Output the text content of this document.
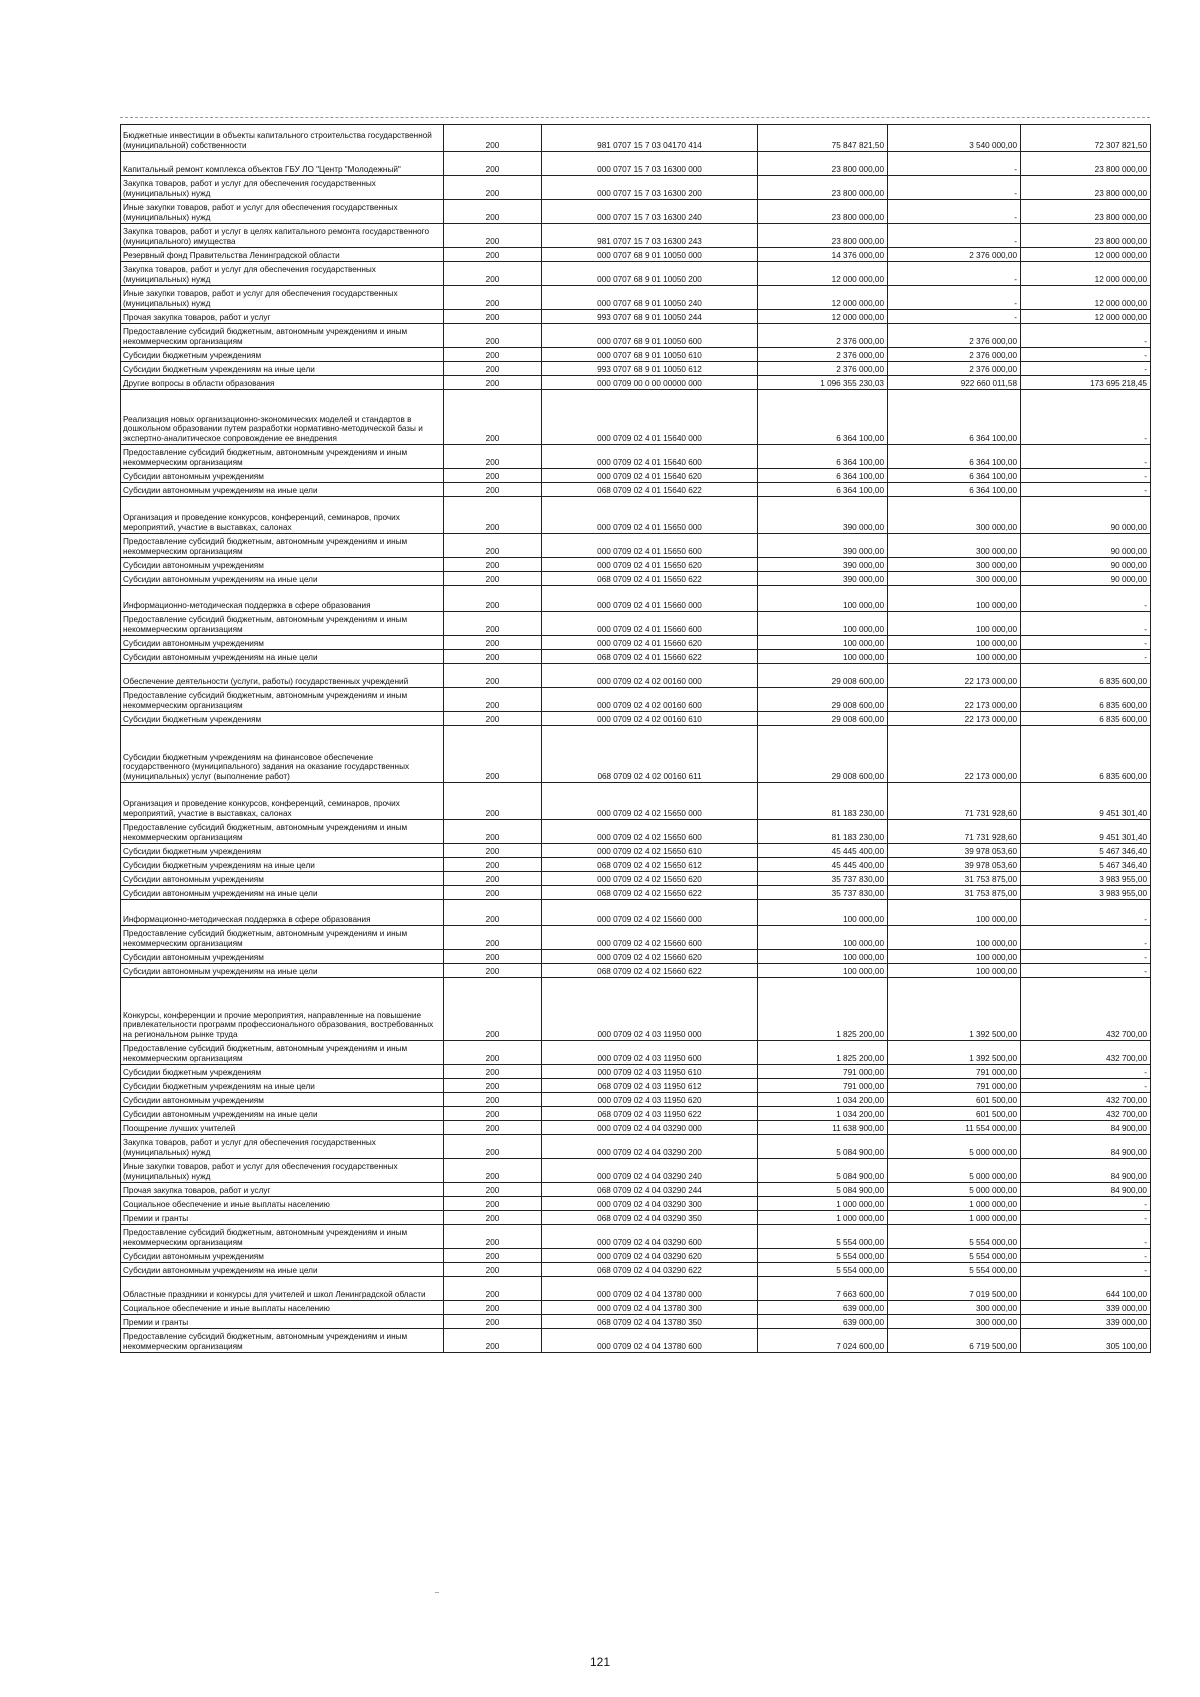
Бюджетные инвестиции в объекты капитального строительства государственной (муниципальной) собственности	200	981 0707 15 7 03 04170 414	75 847 821,50	3 540 000,00	72 307 821,50
Капитальный ремонт комплекса объектов ГБУ ЛО "Центр "Молодежный"	200	000 0707 15 7 03 16300 000	23 800 000,00	-	23 800 000,00
Закупка товаров, работ и услуг для обеспечения государственных (муниципальных) нужд	200	000 0707 15 7 03 16300 200	23 800 000,00	-	23 800 000,00
Иные закупки товаров, работ и услуг для обеспечения государственных (муниципальных) нужд	200	000 0707 15 7 03 16300 240	23 800 000,00	-	23 800 000,00
Закупка товаров, работ и услуг в целях капитального ремонта государственного (муниципального) имущества	200	981 0707 15 7 03 16300 243	23 800 000,00	-	23 800 000,00
Резервный фонд Правительства Ленинградской области	200	000 0707 68 9 01 10050 000	14 376 000,00	2 376 000,00	12 000 000,00
Закупка товаров, работ и услуг для обеспечения государственных (муниципальных) нужд	200	000 0707 68 9 01 10050 200	12 000 000,00	-	12 000 000,00
Иные закупки товаров, работ и услуг для обеспечения государственных (муниципальных) нужд	200	000 0707 68 9 01 10050 240	12 000 000,00	-	12 000 000,00
Прочая закупка товаров, работ и услуг	200	993 0707 68 9 01 10050 244	12 000 000,00	-	12 000 000,00
Предоставление субсидий бюджетным, автономным учреждениям и иным некоммерческим организациям	200	000 0707 68 9 01 10050 600	2 376 000,00	2 376 000,00	-
Субсидии бюджетным учреждениям	200	000 0707 68 9 01 10050 610	2 376 000,00	2 376 000,00	-
Субсидии бюджетным учреждениям на иные цели	200	993 0707 68 9 01 10050 612	2 376 000,00	2 376 000,00	-
Другие вопросы в области образования	200	000 0709 00 0 00 00000 000	1 096 355 230,03	922 660 011,58	173 695 218,45
Реализация новых организационно-экономических моделей и стандартов в дошкольном образовании путем разработки нормативно-методической базы и экспертно-аналитическое сопровождение ее внедрения	200	000 0709 02 4 01 15640 000	6 364 100,00	6 364 100,00	-
Предоставление субсидий бюджетным, автономным учреждениям и иным некоммерческим организациям	200	000 0709 02 4 01 15640 600	6 364 100,00	6 364 100,00	-
Субсидии автономным учреждениям	200	000 0709 02 4 01 15640 620	6 364 100,00	6 364 100,00	-
Субсидии автономным учреждениям на иные цели	200	068 0709 02 4 01 15640 622	6 364 100,00	6 364 100,00	-
Организация и проведение конкурсов, конференций, семинаров, прочих мероприятий, участие в выставках, салонах	200	000 0709 02 4 01 15650 000	390 000,00	300 000,00	90 000,00
Предоставление субсидий бюджетным, автономным учреждениям и иным некоммерческим организациям	200	000 0709 02 4 01 15650 600	390 000,00	300 000,00	90 000,00
Субсидии автономным учреждениям	200	000 0709 02 4 01 15650 620	390 000,00	300 000,00	90 000,00
Субсидии автономным учреждениям на иные цели	200	068 0709 02 4 01 15650 622	390 000,00	300 000,00	90 000,00
Информационно-методическая поддержка в сфере образования	200	000 0709 02 4 01 15660 000	100 000,00	100 000,00	-
Предоставление субсидий бюджетным, автономным учреждениям и иным некоммерческим организациям	200	000 0709 02 4 01 15660 600	100 000,00	100 000,00	-
Субсидии автономным учреждениям	200	000 0709 02 4 01 15660 620	100 000,00	100 000,00	-
Субсидии автономным учреждениям на иные цели	200	068 0709 02 4 01 15660 622	100 000,00	100 000,00	-
Обеспечение деятельности (услуги, работы) государственных учреждений	200	000 0709 02 4 02 00160 000	29 008 600,00	22 173 000,00	6 835 600,00
Предоставление субсидий бюджетным, автономным учреждениям и иным некоммерческим организациям	200	000 0709 02 4 02 00160 600	29 008 600,00	22 173 000,00	6 835 600,00
Субсидии бюджетным учреждениям	200	000 0709 02 4 02 00160 610	29 008 600,00	22 173 000,00	6 835 600,00
Субсидии бюджетным учреждениям на финансовое обеспечение государственного (муниципального) задания на оказание государственных (муниципальных) услуг (выполнение работ)	200	068 0709 02 4 02 00160 611	29 008 600,00	22 173 000,00	6 835 600,00
Организация и проведение конкурсов, конференций, семинаров, прочих мероприятий, участие в выставках, салонах	200	000 0709 02 4 02 15650 000	81 183 230,00	71 731 928,60	9 451 301,40
Предоставление субсидий бюджетным, автономным учреждениям и иным некоммерческим организациям	200	000 0709 02 4 02 15650 600	81 183 230,00	71 731 928,60	9 451 301,40
Субсидии бюджетным учреждениям	200	000 0709 02 4 02 15650 610	45 445 400,00	39 978 053,60	5 467 346,40
Субсидии бюджетным учреждениям на иные цели	200	068 0709 02 4 02 15650 612	45 445 400,00	39 978 053,60	5 467 346,40
Субсидии автономным учреждениям	200	000 0709 02 4 02 15650 620	35 737 830,00	31 753 875,00	3 983 955,00
Субсидии автономным учреждениям на иные цели	200	068 0709 02 4 02 15650 622	35 737 830,00	31 753 875,00	3 983 955,00
Информационно-методическая поддержка в сфере образования	200	000 0709 02 4 02 15660 000	100 000,00	100 000,00	-
Предоставление субсидий бюджетным, автономным учреждениям и иным некоммерческим организациям	200	000 0709 02 4 02 15660 600	100 000,00	100 000,00	-
Субсидии автономным учреждениям	200	000 0709 02 4 02 15660 620	100 000,00	100 000,00	-
Субсидии автономным учреждениям на иные цели	200	068 0709 02 4 02 15660 622	100 000,00	100 000,00	-
Конкурсы, конференции и прочие мероприятия, направленные на повышение привлекательности программ профессионального образования, востребованных на региональном рынке труда	200	000 0709 02 4 03 11950 000	1 825 200,00	1 392 500,00	432 700,00
Предоставление субсидий бюджетным, автономным учреждениям и иным некоммерческим организациям	200	000 0709 02 4 03 11950 600	1 825 200,00	1 392 500,00	432 700,00
Субсидии бюджетным учреждениям	200	000 0709 02 4 03 11950 610	791 000,00	791 000,00	-
Субсидии бюджетным учреждениям на иные цели	200	068 0709 02 4 03 11950 612	791 000,00	791 000,00	-
Субсидии автономным учреждениям	200	000 0709 02 4 03 11950 620	1 034 200,00	601 500,00	432 700,00
Субсидии автономным учреждениям на иные цели	200	068 0709 02 4 03 11950 622	1 034 200,00	601 500,00	432 700,00
Поощрение лучших учителей	200	000 0709 02 4 04 03290 000	11 638 900,00	11 554 000,00	84 900,00
Закупка товаров, работ и услуг для обеспечения государственных (муниципальных) нужд	200	000 0709 02 4 04 03290 200	5 084 900,00	5 000 000,00	84 900,00
Иные закупки товаров, работ и услуг для обеспечения государственных (муниципальных) нужд	200	000 0709 02 4 04 03290 240	5 084 900,00	5 000 000,00	84 900,00
Прочая закупка товаров, работ и услуг	200	068 0709 02 4 04 03290 244	5 084 900,00	5 000 000,00	84 900,00
Социальное обеспечение и иные выплаты населению	200	000 0709 02 4 04 03290 300	1 000 000,00	1 000 000,00	-
Премии и гранты	200	068 0709 02 4 04 03290 350	1 000 000,00	1 000 000,00	-
Предоставление субсидий бюджетным, автономным учреждениям и иным некоммерческим организациям	200	000 0709 02 4 04 03290 600	5 554 000,00	5 554 000,00	-
Субсидии автономным учреждениям	200	000 0709 02 4 04 03290 620	5 554 000,00	5 554 000,00	-
Субсидии автономным учреждениям на иные цели	200	068 0709 02 4 04 03290 622	5 554 000,00	5 554 000,00	-
Областные праздники и конкурсы для учителей и школ Ленинградской области	200	000 0709 02 4 04 13780 000	7 663 600,00	7 019 500,00	644 100,00
Социальное обеспечение и иные выплаты населению	200	000 0709 02 4 04 13780 300	639 000,00	300 000,00	339 000,00
Премии и гранты	200	068 0709 02 4 04 13780 350	639 000,00	300 000,00	339 000,00
Предоставление субсидий бюджетным, автономным учреждениям и иным некоммерческим организациям	200	000 0709 02 4 04 13780 600	7 024 600,00	6 719 500,00	305 100,00
121
